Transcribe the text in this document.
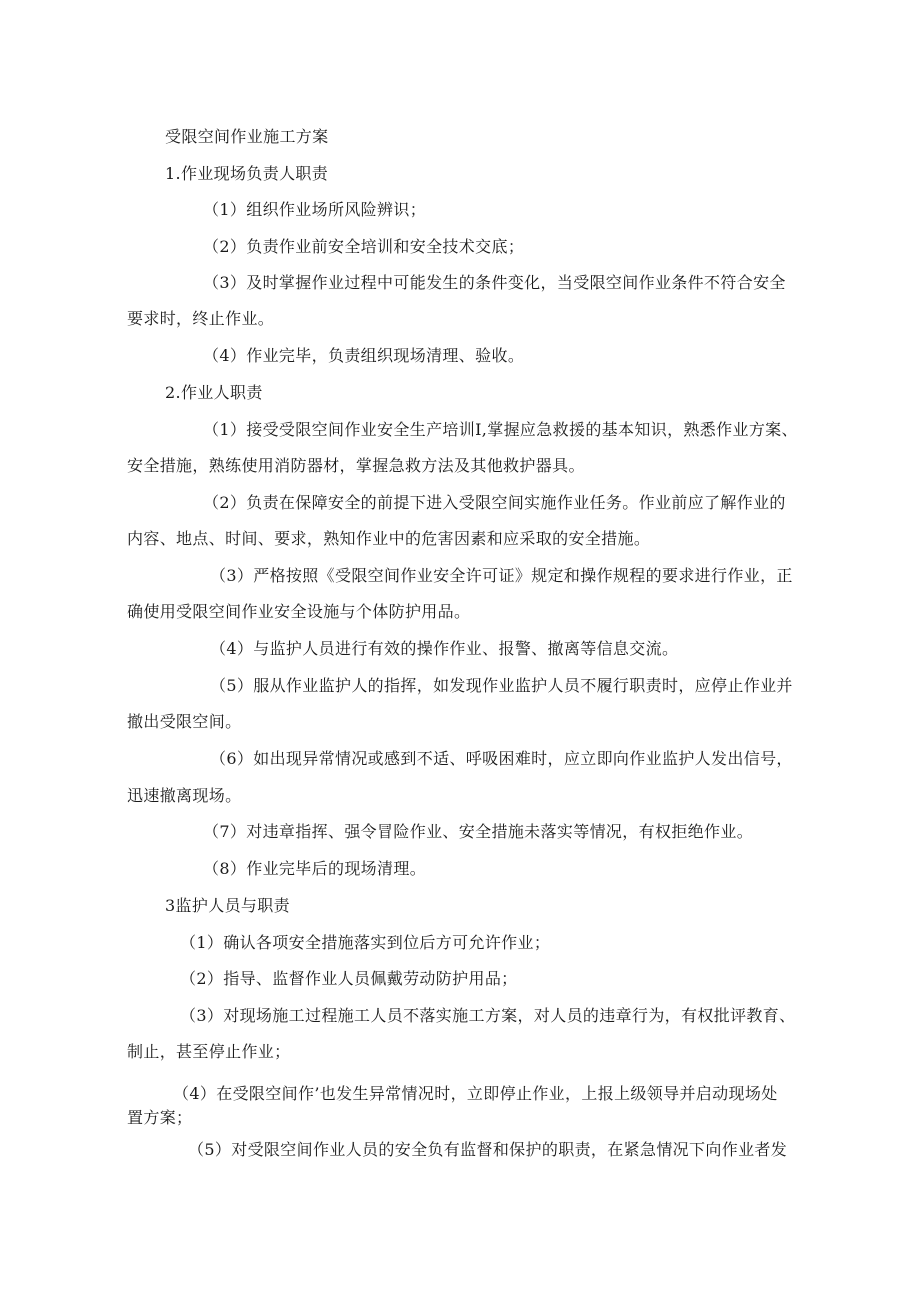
受限空间作业施工方案
1.作业现场负责人职责
（1）组织作业场所风险辨识；
（2）负责作业前安全培训和安全技术交底；
（3）及时掌握作业过程中可能发生的条件变化，当受限空间作业条件不符合安全
要求时，终止作业。
（4）作业完毕，负责组织现场清理、验收。
2.作业人职责
（1）接受受限空间作业安全生产培训I,掌握应急救援的基本知识，熟悉作业方案、
安全措施，熟练使用消防器材，掌握急救方法及其他救护器具。
（2）负责在保障安全的前提下进入受限空间实施作业任务。作业前应了解作业的
内容、地点、时间、要求，熟知作业中的危害因素和应采取的安全措施。
（3）严格按照《受限空间作业安全许可证》规定和操作规程的要求进行作业，正
确使用受限空间作业安全设施与个体防护用品。
（4）与监护人员进行有效的操作作业、报警、撤离等信息交流。
（5）服从作业监护人的指挥，如发现作业监护人员不履行职责时，应停止作业并
撤出受限空间。
（6）如出现异常情况或感到不适、呼吸困难时，应立即向作业监护人发出信号，
迅速撤离现场。
（7）对违章指挥、强令冒险作业、安全措施未落实等情况，有权拒绝作业。
（8）作业完毕后的现场清理。
3监护人员与职责
（1）确认各项安全措施落实到位后方可允许作业；
（2）指导、监督作业人员佩戴劳动防护用品；
（3）对现场施工过程施工人员不落实施工方案，对人员的违章行为，有权批评教育、
制止，甚至停止作业；
（4）在受限空间作’也发生异常情况时，立即停止作业，上报上级领导并启动现场处
置方案；
（5）对受限空间作业人员的安全负有监督和保护的职责，在紧急情况下向作业者发
